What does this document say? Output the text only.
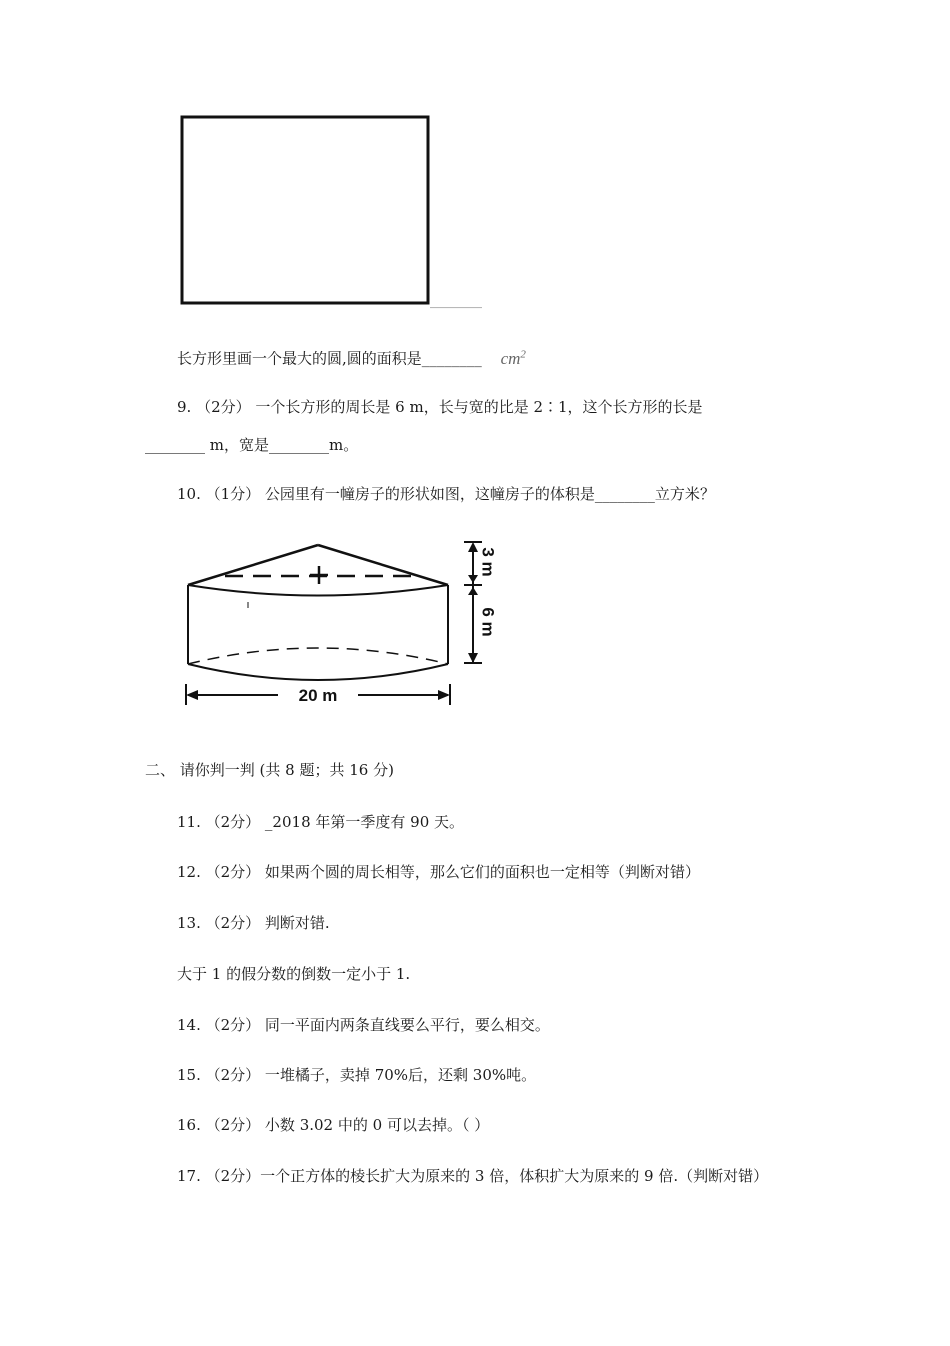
________
长方形里画一个最大的圆,圆的面积是________ $cm^2$
9. （2分） 一个长方形的周长是 6 m，长与宽的比是 2∶1，这个长方形的长是
________ m，宽是________m。
10. （1分） 公园里有一幢房子的形状如图，这幢房子的体积是________立方米？
3 m
6 m
20 m
二、 请你判一判 (共 8 题；共 16 分)
11. （2分） _2018 年第一季度有 90 天。
12. （2分） 如果两个圆的周长相等，那么它们的面积也一定相等（判断对错）
13. （2分） 判断对错.
大于 1 的假分数的倒数一定小于 1.
14. （2分） 同一平面内两条直线要么平行，要么相交。
15. （2分） 一堆橘子，卖掉 70%后，还剩 30%吨。
16. （2分） 小数 3.02 中的 0 可以去掉。（ ）
17. （2分）一个正方体的棱长扩大为原来的 3 倍，体积扩大为原来的 9 倍.（判断对错）
